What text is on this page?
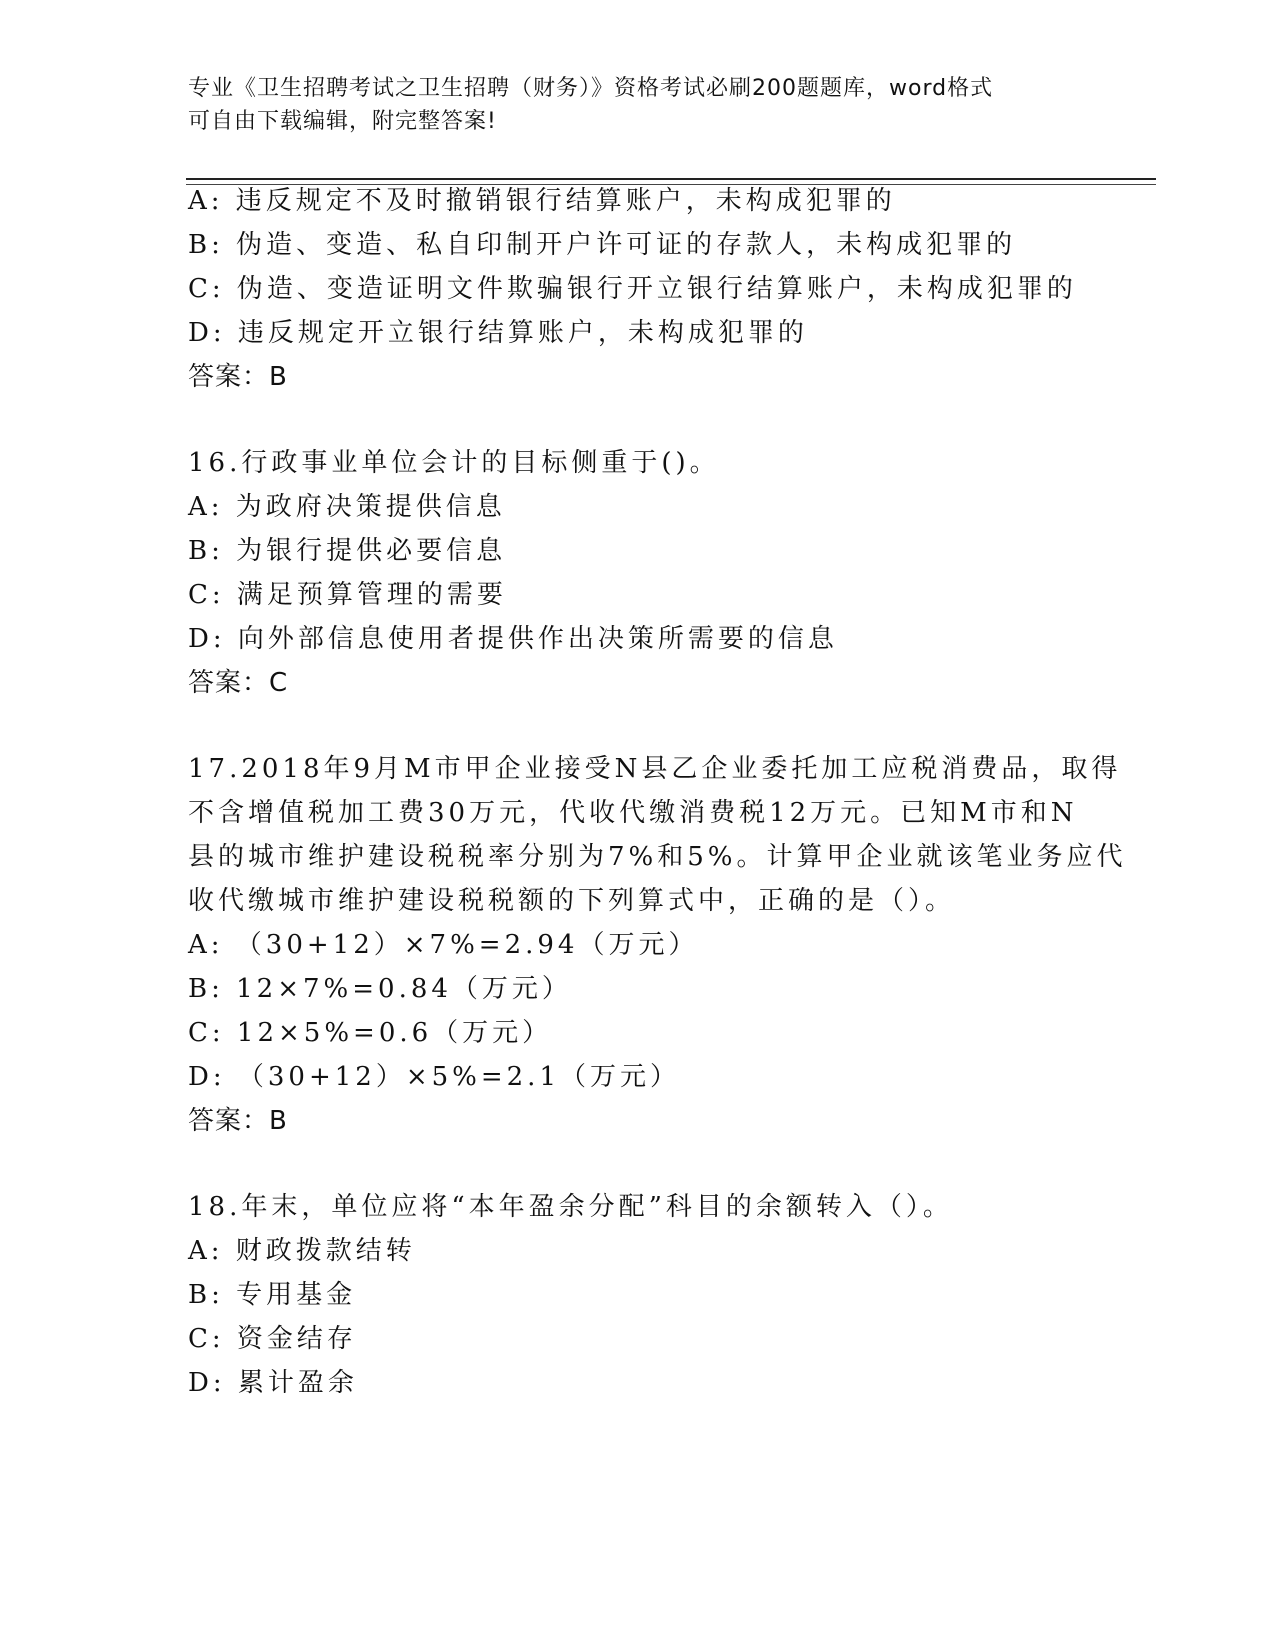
专业《卫生招聘考试之卫生招聘（财务）》资格考试必刷200题题库，word格式
可自由下载编辑，附完整答案!
A: 违反规定不及时撤销银行结算账户，未构成犯罪的
B: 伪造、变造、私自印制开户许可证的存款人，未构成犯罪的
C: 伪造、变造证明文件欺骗银行开立银行结算账户，未构成犯罪的
D: 违反规定开立银行结算账户，未构成犯罪的
答案：B
16.行政事业单位会计的目标侧重于()。
A: 为政府决策提供信息
B: 为银行提供必要信息
C: 满足预算管理的需要
D: 向外部信息使用者提供作出决策所需要的信息
答案：C
17.2018年9月M市甲企业接受N县乙企业委托加工应税消费品，取得
不含增值税加工费30万元，代收代缴消费税12万元。已知M市和N
县的城市维护建设税税率分别为7%和5%。计算甲企业就该笔业务应代
收代缴城市维护建设税税额的下列算式中，正确的是（）。
A: （30+12）×7%=2.94（万元）
B: 12×7%=0.84（万元）
C: 12×5%=0.6（万元）
D: （30+12）×5%=2.1（万元）
答案：B
18.年末，单位应将“本年盈余分配”科目的余额转入（）。
A: 财政拨款结转
B: 专用基金
C: 资金结存
D: 累计盈余
